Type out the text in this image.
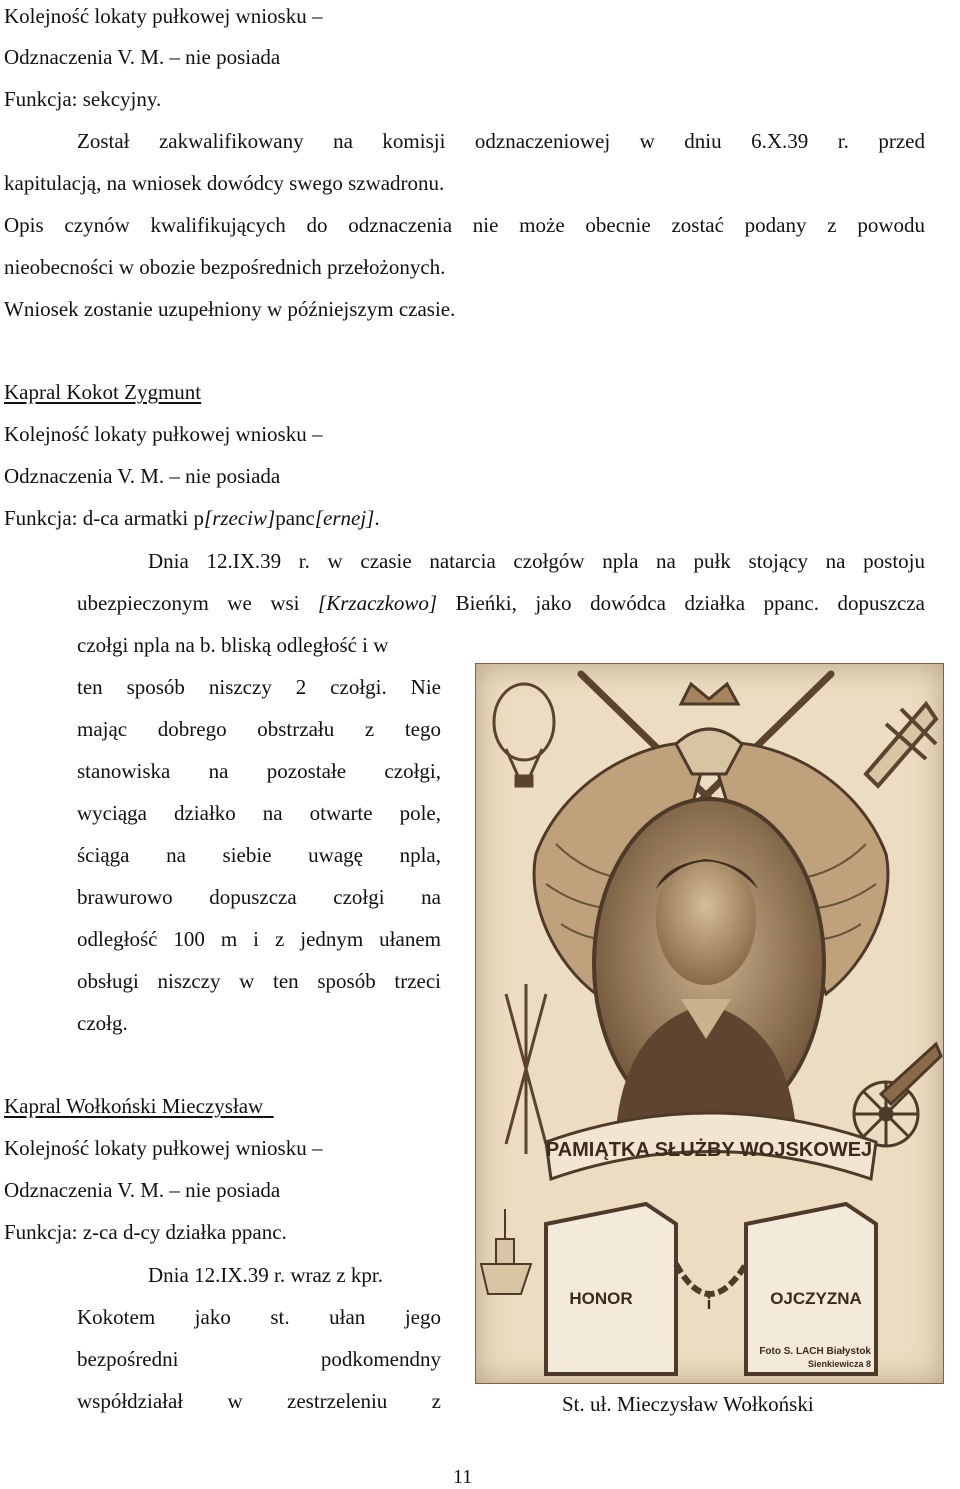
Kolejność lokaty pułkowej wniosku –
Odznaczenia V. M. – nie posiada
Funkcja: sekcyjny.
Został zakwalifikowany na komisji odznaczeniowej w dniu 6.X.39 r. przed
kapitulacją, na wniosek dowódcy swego szwadronu.
Opis czynów kwalifikujących do odznaczenia nie może obecnie zostać podany z powodu
nieobecności w obozie bezpośrednich przełożonych.
Wniosek zostanie uzupełniony w późniejszym czasie.
Kapral Kokot Zygmunt
Kolejność lokaty pułkowej wniosku –
Odznaczenia V. M. – nie posiada
Funkcja: d-ca armatki p[rzeciw]panc[ernej].
Dnia 12.IX.39 r. w czasie natarcia czołgów npla na pułk stojący na postoju
ubezpieczonym we wsi [Krzaczkowo] Bieńki, jako dowódca działka ppanc. dopuszcza
czołgi npla na b. bliską odległość i w
ten sposób niszczy 2 czołgi. Nie
mając dobrego obstrzału z tego
stanowiska na pozostałe czołgi,
wyciąga działko na otwarte pole,
ściąga na siebie uwagę npla,
brawurowo dopuszcza czołgi na
odległość 100 m i z jednym ułanem
obsługi niszczy w ten sposób trzeci
czołg.
Kapral Wołkoński Mieczysław
Kolejność lokaty pułkowej wniosku –
Odznaczenia V. M. – nie posiada
Funkcja: z-ca d-cy działka ppanc.
Dnia 12.IX.39 r. wraz z kpr.
Kokotem jako st. ułan jego
bezpośredni podkomendny
współdziałał w zestrzeleniu z
PAMIĄTKA SŁUŻBY WOJSKOWEJ
HONOR	i	OJCZYZNA
Foto S. LACH Białystok
Sienkiewicza 8
St. uł. Mieczysław Wołkoński
11
